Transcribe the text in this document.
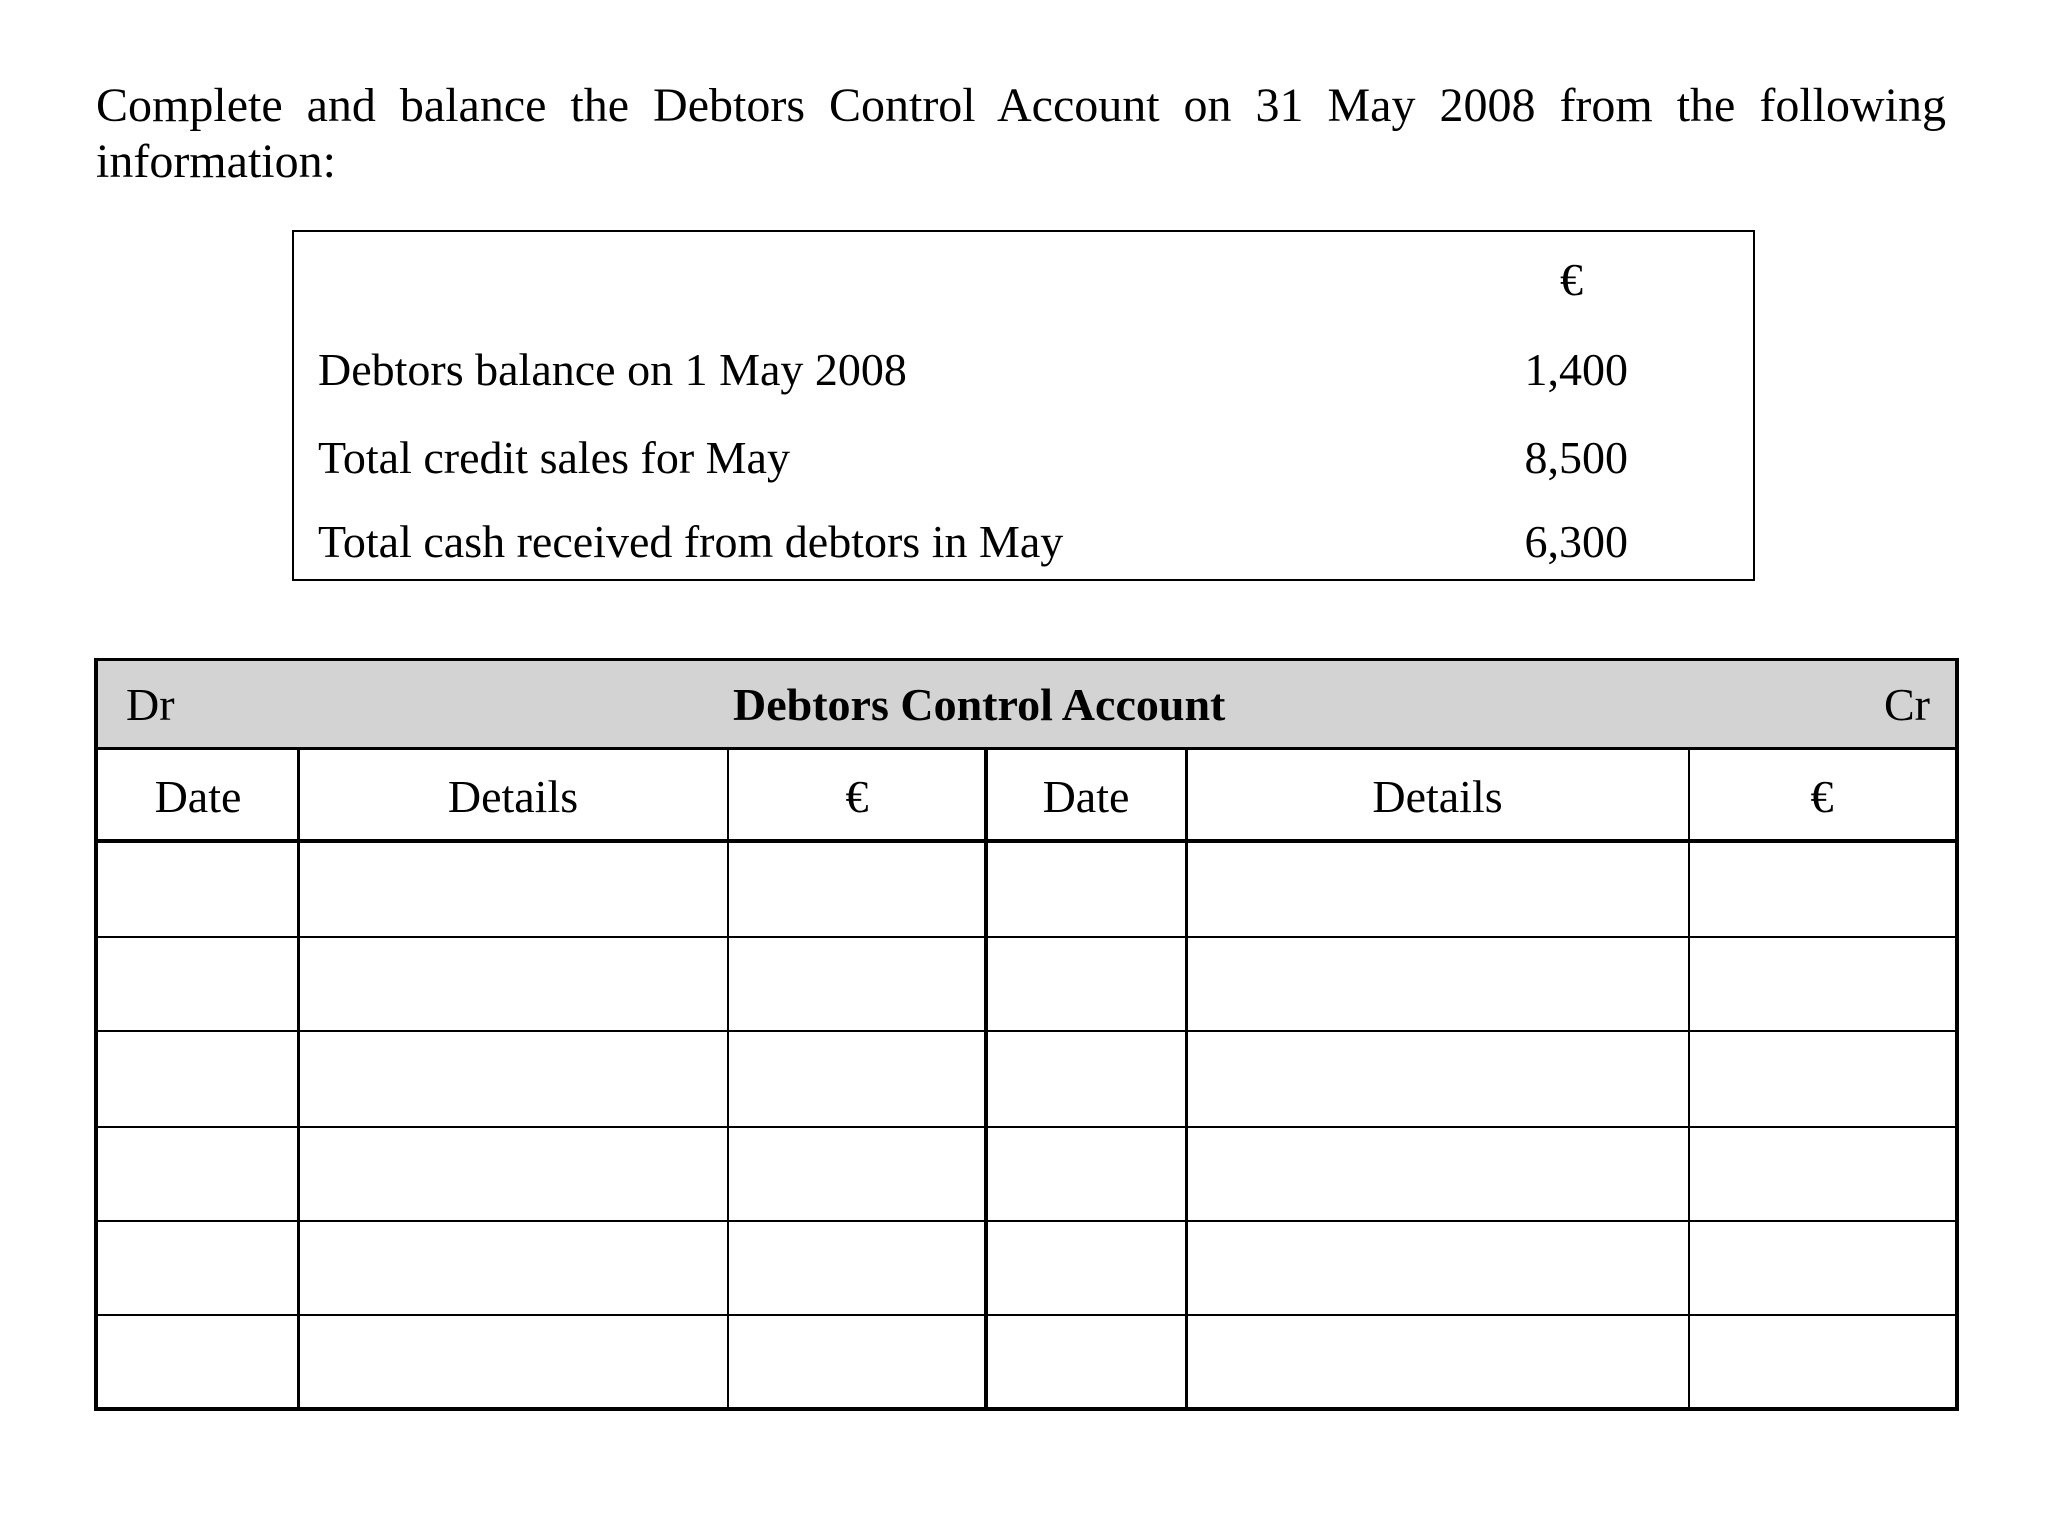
Complete and balance the Debtors Control Account on 31 May 2008 from the following information:
€
Debtors balance on 1 May 2008	1,400
Total credit sales for May	8,500
Total cash received from debtors in May	6,300
Dr	Debtors Control Account	Cr
Date	Details	€	Date	Details	€
